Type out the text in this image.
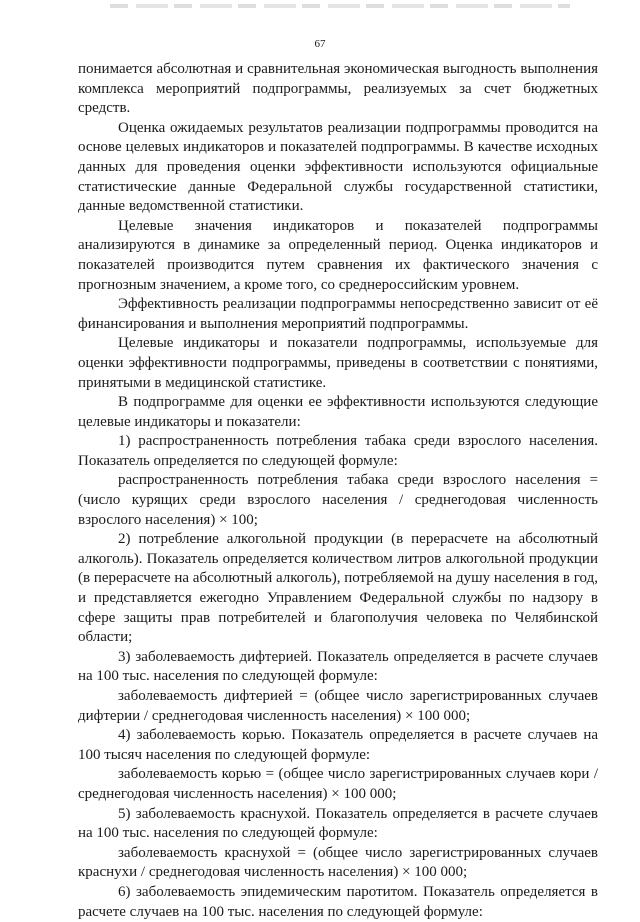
67

понимается абсолютная и сравнительная экономическая выгодность выполнения комплекса мероприятий подпрограммы, реализуемых за счет бюджетных средств.

Оценка ожидаемых результатов реализации подпрограммы проводится на основе целевых индикаторов и показателей подпрограммы. В качестве исходных данных для проведения оценки эффективности используются официальные статистические данные Федеральной службы государственной статистики, данные ведомственной статистики.

Целевые значения индикаторов и показателей подпрограммы анализируются в динамике за определенный период. Оценка индикаторов и показателей производится путем сравнения их фактического значения с прогнозным значением, а кроме того, со среднероссийским уровнем.

Эффективность реализации подпрограммы непосредственно зависит от её финансирования и выполнения мероприятий подпрограммы.

Целевые индикаторы и показатели подпрограммы, используемые для оценки эффективности подпрограммы, приведены в соответствии с понятиями, принятыми в медицинской статистике.

В подпрограмме для оценки ее эффективности используются следующие целевые индикаторы и показатели:

1) распространенность потребления табака среди взрослого населения. Показатель определяется по следующей формуле:

распространенность потребления табака среди взрослого населения = (число курящих среди взрослого населения / среднегодовая численность взрослого населения) × 100;

2) потребление алкогольной продукции (в перерасчете на абсолютный алкоголь). Показатель определяется количеством литров алкогольной продукции (в перерасчете на абсолютный алкоголь), потребляемой на душу населения в год, и представляется ежегодно Управлением Федеральной службы по надзору в сфере защиты прав потребителей и благополучия человека по Челябинской области;

3) заболеваемость дифтерией. Показатель определяется в расчете случаев на 100 тыс. населения по следующей формуле:

заболеваемость дифтерией = (общее число зарегистрированных случаев дифтерии / среднегодовая численность населения) × 100 000;

4) заболеваемость корью. Показатель определяется в расчете случаев на 100 тысяч населения по следующей формуле:

заболеваемость корью = (общее число зарегистрированных случаев кори / среднегодовая численность населения) × 100 000;

5) заболеваемость краснухой. Показатель определяется в расчете случаев на 100 тыс. населения по следующей формуле:

заболеваемость краснухой = (общее число зарегистрированных случаев краснухи / среднегодовая численность населения) × 100 000;

6) заболеваемость эпидемическим паротитом. Показатель определяется в расчете случаев на 100 тыс. населения по следующей формуле:
